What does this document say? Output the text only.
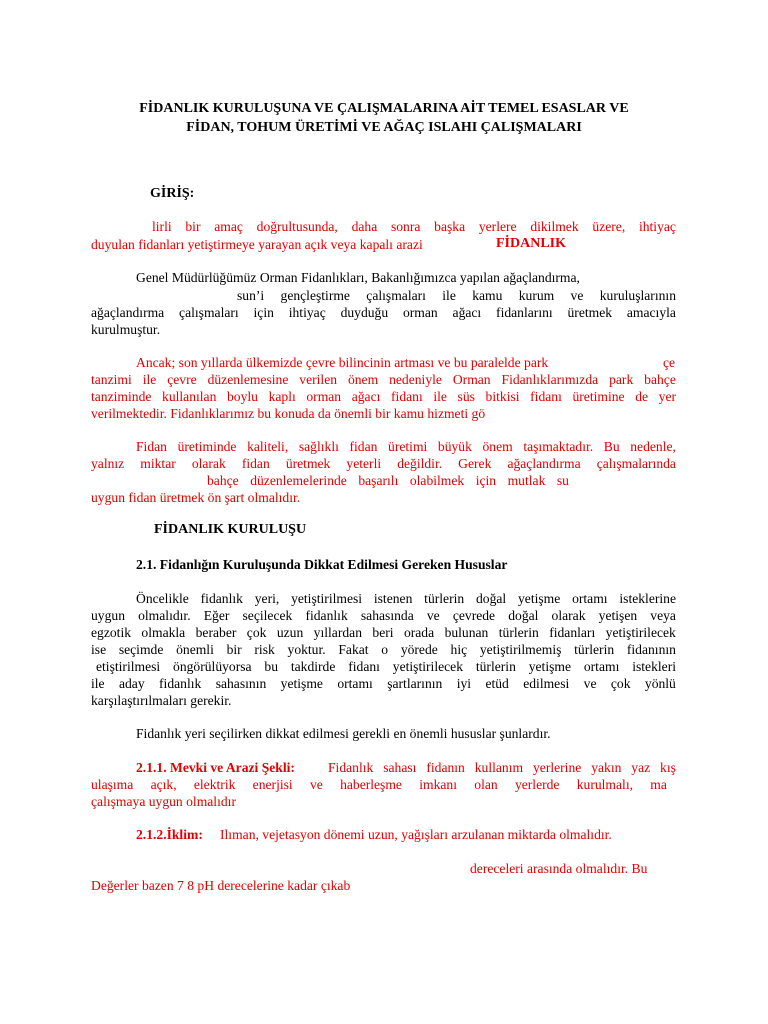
FİDANLIK KURULUŞUNA VE ÇALIŞMALARINA AİT TEMEL ESASLAR VE
FİDAN, TOHUM ÜRETİMİ VE AĞAÇ ISLAHI ÇALIŞMALARI
GİRİŞ:
lirli bir amaç doğrultusunda, daha sonra başka yerlere dikilmek üzere, ihtiyaç
duyulan fidanları yetiştirmeye yarayan açık veya kapalı arazi	FİDANLIK
Genel Müdürlüğümüz Orman Fidanlıkları, Bakanlığımızca yapılan ağaçlandırma,
sun’i gençleştirme çalışmaları ile kamu kurum ve kuruluşlarının
ağaçlandırma çalışmaları için ihtiyaç duyduğu orman ağacı fidanlarını üretmek amacıyla
kurulmuştur.
Ancak; son yıllarda ülkemizde çevre bilincinin artması ve bu paralelde park	çe
tanzimi ile çevre düzenlemesine verilen önem nedeniyle Orman Fidanlıklarımızda park bahçe
tanziminde kullanılan boylu kaplı orman ağacı fidanı ile süs bitkisi fidanı üretimine de yer
verilmektedir. Fidanlıklarımız bu konuda da önemli bir kamu hizmeti gö
Fidan üretiminde kaliteli, sağlıklı fidan üretimi büyük önem taşımaktadır. Bu nedenle,
yalnız miktar olarak fidan üretmek yeterli değildir. Gerek ağaçlandırma çalışmalarında
bahçe düzenlemelerinde başarılı olabilmek için mutlak su
uygun fidan üretmek ön şart olmalıdır.
FİDANLIK KURULUŞU
2.1. Fidanlığın Kuruluşunda Dikkat Edilmesi Gereken Hususlar
Öncelikle fidanlık yeri, yetiştirilmesi istenen türlerin doğal yetişme ortamı isteklerine
uygun olmalıdır. Eğer seçilecek fidanlık sahasında ve çevrede doğal olarak yetişen veya
egzotik olmakla beraber çok uzun yıllardan beri orada bulunan türlerin fidanları yetiştirilecek
ise seçimde önemli bir risk yoktur. Fakat o yörede hiç yetiştirilmemiş türlerin fidanının
etiştirilmesi öngörülüyorsa bu takdirde fidanı yetiştirilecek türlerin yetişme ortamı istekleri
ile aday fidanlık sahasının yetişme ortamı şartlarının iyi etüd edilmesi ve çok yönlü
karşılaştırılmaları gerekir.
Fidanlık yeri seçilirken dikkat edilmesi gerekli en önemli hususlar şunlardır.
2.1.1. Mevki ve Arazi Şekli: Fidanlık sahası fidanın kullanım yerlerine yakın yaz kış
ulaşıma açık, elektrik enerjisi ve haberleşme imkanı olan yerlerde kurulmalı, ma
çalışmaya uygun olmalıdır
2.1.2.İklim: Ilıman, vejetasyon dönemi uzun, yağışları arzulanan miktarda olmalıdır.
dereceleri arasında olmalıdır. Bu
Değerler bazen 7 8 pH derecelerine kadar çıkab
